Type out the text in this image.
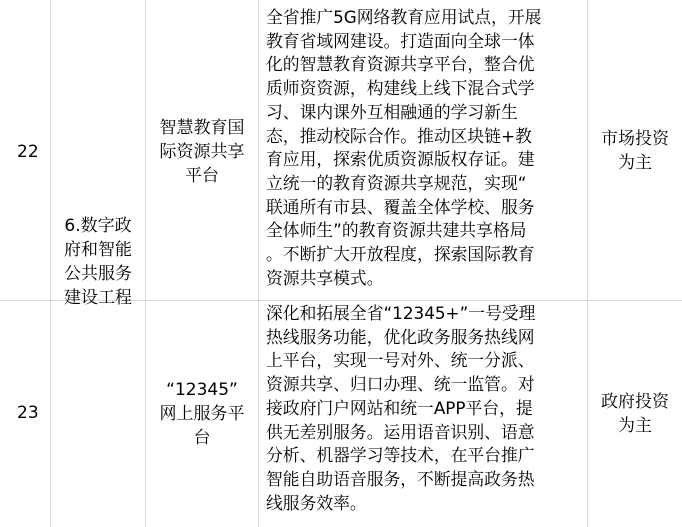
22
智慧教育国
际资源共享
平台
全省推广5G网络教育应用试点，开展
教育省域网建设。打造面向全球一体
化的智慧教育资源共享平台，整合优
质师资资源，构建线上线下混合式学
习、课内课外互相融通的学习新生
态，推动校际合作。推动区块链+教
育应用，探索优质资源版权存证。建
立统一的教育资源共享规范，实现“
联通所有市县、覆盖全体学校、服务
全体师生”的教育资源共建共享格局
。不断扩大开放程度，探索国际教育
资源共享模式。
市场投资
为主
6.数字政
府和智能
公共服务
建设工程
23
“12345”
网上服务平
台
深化和拓展全省“12345+”一号受理
热线服务功能，优化政务服务热线网
上平台，实现一号对外、统一分派、
资源共享、归口办理、统一监管。对
接政府门户网站和统一APP平台，提
供无差别服务。运用语音识别、语意
分析、机器学习等技术，在平台推广
智能自助语音服务，不断提高政务热
线服务效率。
政府投资
为主
